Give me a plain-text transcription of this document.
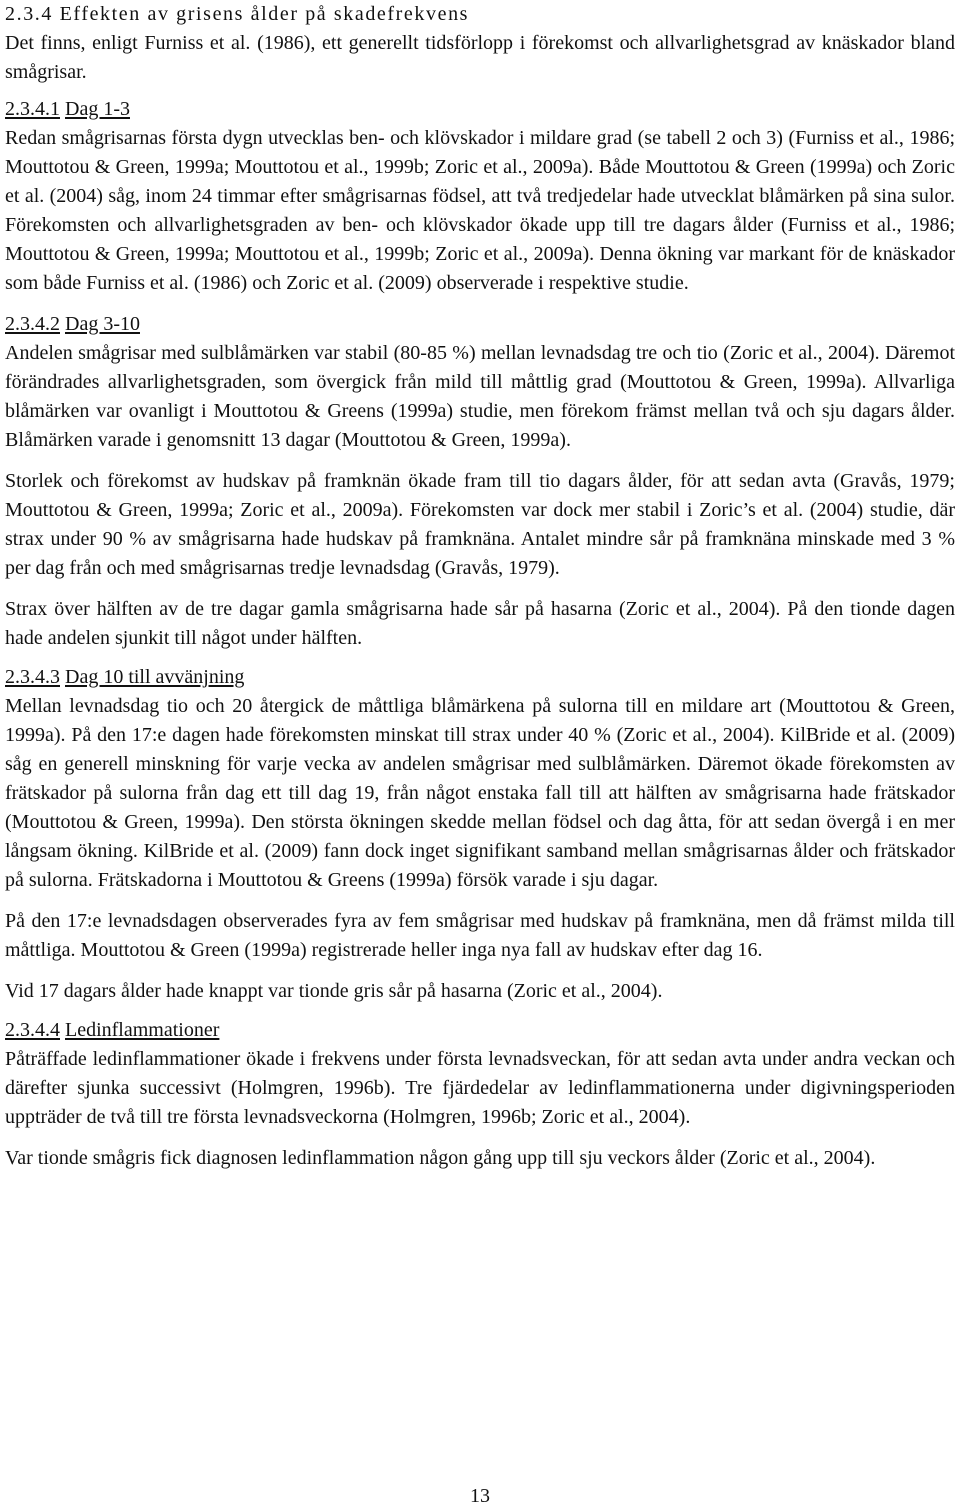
2.3.4 Effekten av grisens ålder på skadefrekvens

Det finns, enligt Furniss et al. (1986), ett generellt tidsförlopp i förekomst och allvarlighetsgrad av knäskador bland smågrisar.

2.3.4.1 Dag 1-3

Redan smågrisarnas första dygn utvecklas ben- och klövskador i mildare grad (se tabell 2 och 3) (Furniss et al., 1986; Mouttotou & Green, 1999a; Mouttotou et al., 1999b; Zoric et al., 2009a). Både Mouttotou & Green (1999a) och Zoric et al. (2004) såg, inom 24 timmar efter smågrisarnas födsel, att två tredjedelar hade utvecklat blåmärken på sina sulor. Förekomsten och allvarlighetsgraden av ben- och klövskador ökade upp till tre dagars ålder (Furniss et al., 1986; Mouttotou & Green, 1999a; Mouttotou et al., 1999b; Zoric et al., 2009a). Denna ökning var markant för de knäskador som både Furniss et al. (1986) och Zoric et al. (2009) observerade i respektive studie.

2.3.4.2 Dag 3-10

Andelen smågrisar med sulblåmärken var stabil (80-85 %) mellan levnadsdag tre och tio (Zoric et al., 2004). Däremot förändrades allvarlighetsgraden, som övergick från mild till måttlig grad (Mouttotou & Green, 1999a). Allvarliga blåmärken var ovanligt i Mouttotou & Greens (1999a) studie, men förekom främst mellan två och sju dagars ålder. Blåmärken varade i genomsnitt 13 dagar (Mouttotou & Green, 1999a).

Storlek och förekomst av hudskav på framknän ökade fram till tio dagars ålder, för att sedan avta (Gravås, 1979; Mouttotou & Green, 1999a; Zoric et al., 2009a). Förekomsten var dock mer stabil i Zoric’s et al. (2004) studie, där strax under 90 % av smågrisarna hade hudskav på framknäna. Antalet mindre sår på framknäna minskade med 3 % per dag från och med smågrisarnas tredje levnadsdag (Gravås, 1979).

Strax över hälften av de tre dagar gamla smågrisarna hade sår på hasarna (Zoric et al., 2004). På den tionde dagen hade andelen sjunkit till något under hälften.

2.3.4.3 Dag 10 till avvänjning

Mellan levnadsdag tio och 20 återgick de måttliga blåmärkena på sulorna till en mildare art (Mouttotou & Green, 1999a). På den 17:e dagen hade förekomsten minskat till strax under 40 % (Zoric et al., 2004). KilBride et al. (2009) såg en generell minskning för varje vecka av andelen smågrisar med sulblåmärken. Däremot ökade förekomsten av frätskador på sulorna från dag ett till dag 19, från något enstaka fall till att hälften av smågrisarna hade frätskador (Mouttotou & Green, 1999a). Den största ökningen skedde mellan födsel och dag åtta, för att sedan övergå i en mer långsam ökning. KilBride et al. (2009) fann dock inget signifikant samband mellan smågrisarnas ålder och frätskador på sulorna. Frätskadorna i Mouttotou & Greens (1999a) försök varade i sju dagar.

På den 17:e levnadsdagen observerades fyra av fem smågrisar med hudskav på framknäna, men då främst milda till måttliga. Mouttotou & Green (1999a) registrerade heller inga nya fall av hudskav efter dag 16.

Vid 17 dagars ålder hade knappt var tionde gris sår på hasarna (Zoric et al., 2004).

2.3.4.4 Ledinflammationer

Påträffade ledinflammationer ökade i frekvens under första levnadsveckan, för att sedan avta under andra veckan och därefter sjunka successivt (Holmgren, 1996b). Tre fjärdedelar av ledinflammationerna under digivningsperioden uppträder de två till tre första levnadsveckorna (Holmgren, 1996b; Zoric et al., 2004).

Var tionde smågris fick diagnosen ledinflammation någon gång upp till sju veckors ålder (Zoric et al., 2004).

13
